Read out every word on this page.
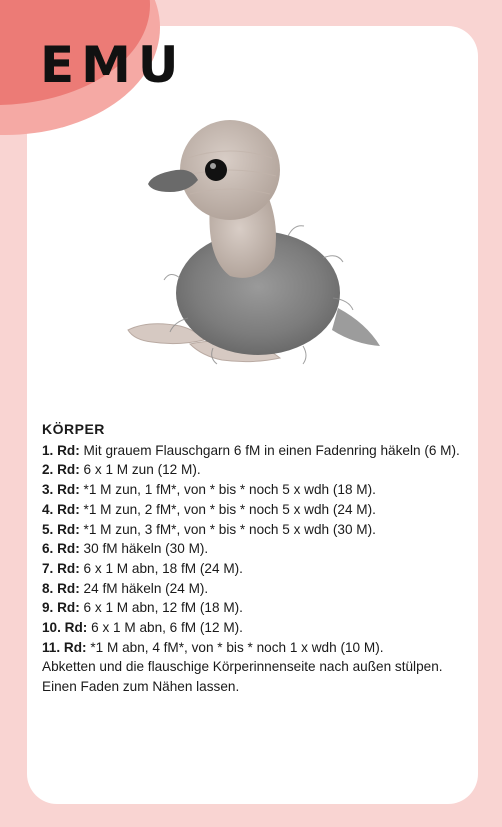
EMU
KÖRPER
1. Rd: Mit grauem Flauschgarn 6 fM in einen Fadenring häkeln (6 M).
2. Rd: 6 x 1 M zun (12 M).
3. Rd: *1 M zun, 1 fM*, von * bis * noch 5 x wdh (18 M).
4. Rd: *1 M zun, 2 fM*, von * bis * noch 5 x wdh (24 M).
5. Rd: *1 M zun, 3 fM*, von * bis * noch 5 x wdh (30 M).
6. Rd: 30 fM häkeln (30 M).
7. Rd: 6 x 1 M abn, 18 fM (24 M).
8. Rd: 24 fM häkeln (24 M).
9. Rd: 6 x 1 M abn, 12 fM (18 M).
10. Rd: 6 x 1 M abn, 6 fM (12 M).
11. Rd: *1 M abn, 4 fM*, von * bis * noch 1 x wdh (10 M).
Abketten und die flauschige Körperinnenseite nach außen stülpen. Einen Faden zum Nähen lassen.
